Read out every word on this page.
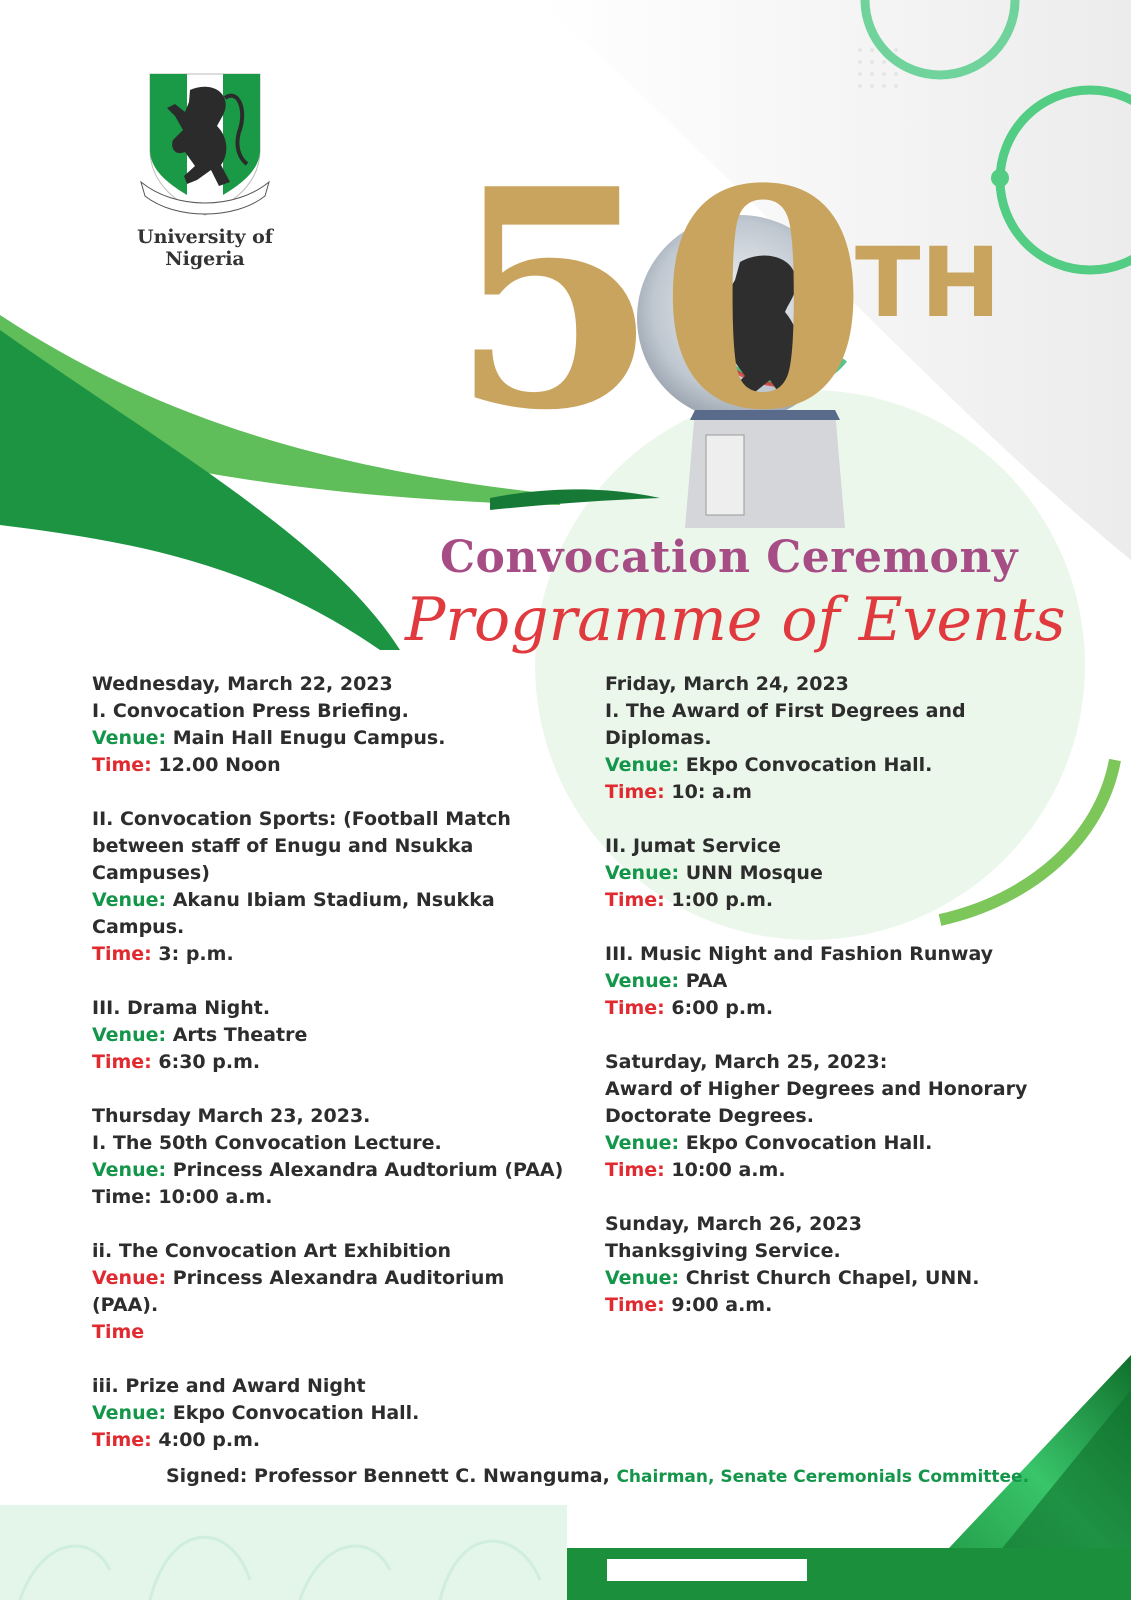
University of Nigeria 50
TH
Convocation Ceremony
Programme of Events
Wednesday, March 22, 2023
I. Convocation Press Briefing.
Venue: Main Hall Enugu Campus.
Time: 12.00 Noon
II. Convocation Sports: (Football Match
between staff of Enugu and Nsukka
Campuses)
Venue: Akanu Ibiam Stadium, Nsukka
Campus.
Time: 3: p.m.
III. Drama Night.
Venue: Arts Theatre
Time: 6:30 p.m.
Thursday March 23, 2023.
I. The 50th Convocation Lecture.
Venue: Princess Alexandra Audtorium (PAA)
Time: 10:00 a.m.
ii. The Convocation Art Exhibition
Venue: Princess Alexandra Auditorium (PAA).
Time
iii. Prize and Award Night
Venue: Ekpo Convocation Hall.
Time: 4:00 p.m.
Friday, March 24, 2023
I. The Award of First Degrees and Diplomas.
Venue: Ekpo Convocation Hall.
Time: 10: a.m
II. Jumat Service
Venue: UNN Mosque
Time: 1:00 p.m.
III. Music Night and Fashion Runway
Venue: PAA
Time: 6:00 p.m.
Saturday, March 25, 2023:
Award of Higher Degrees and Honorary
Doctorate Degrees.
Venue: Ekpo Convocation Hall.
Time: 10:00 a.m.
Sunday, March 26, 2023
Thanksgiving Service.
Venue: Christ Church Chapel, UNN.
Time: 9:00 a.m.
Signed: Professor Bennett C. Nwanguma, Chairman, Senate Ceremonials Committee.
